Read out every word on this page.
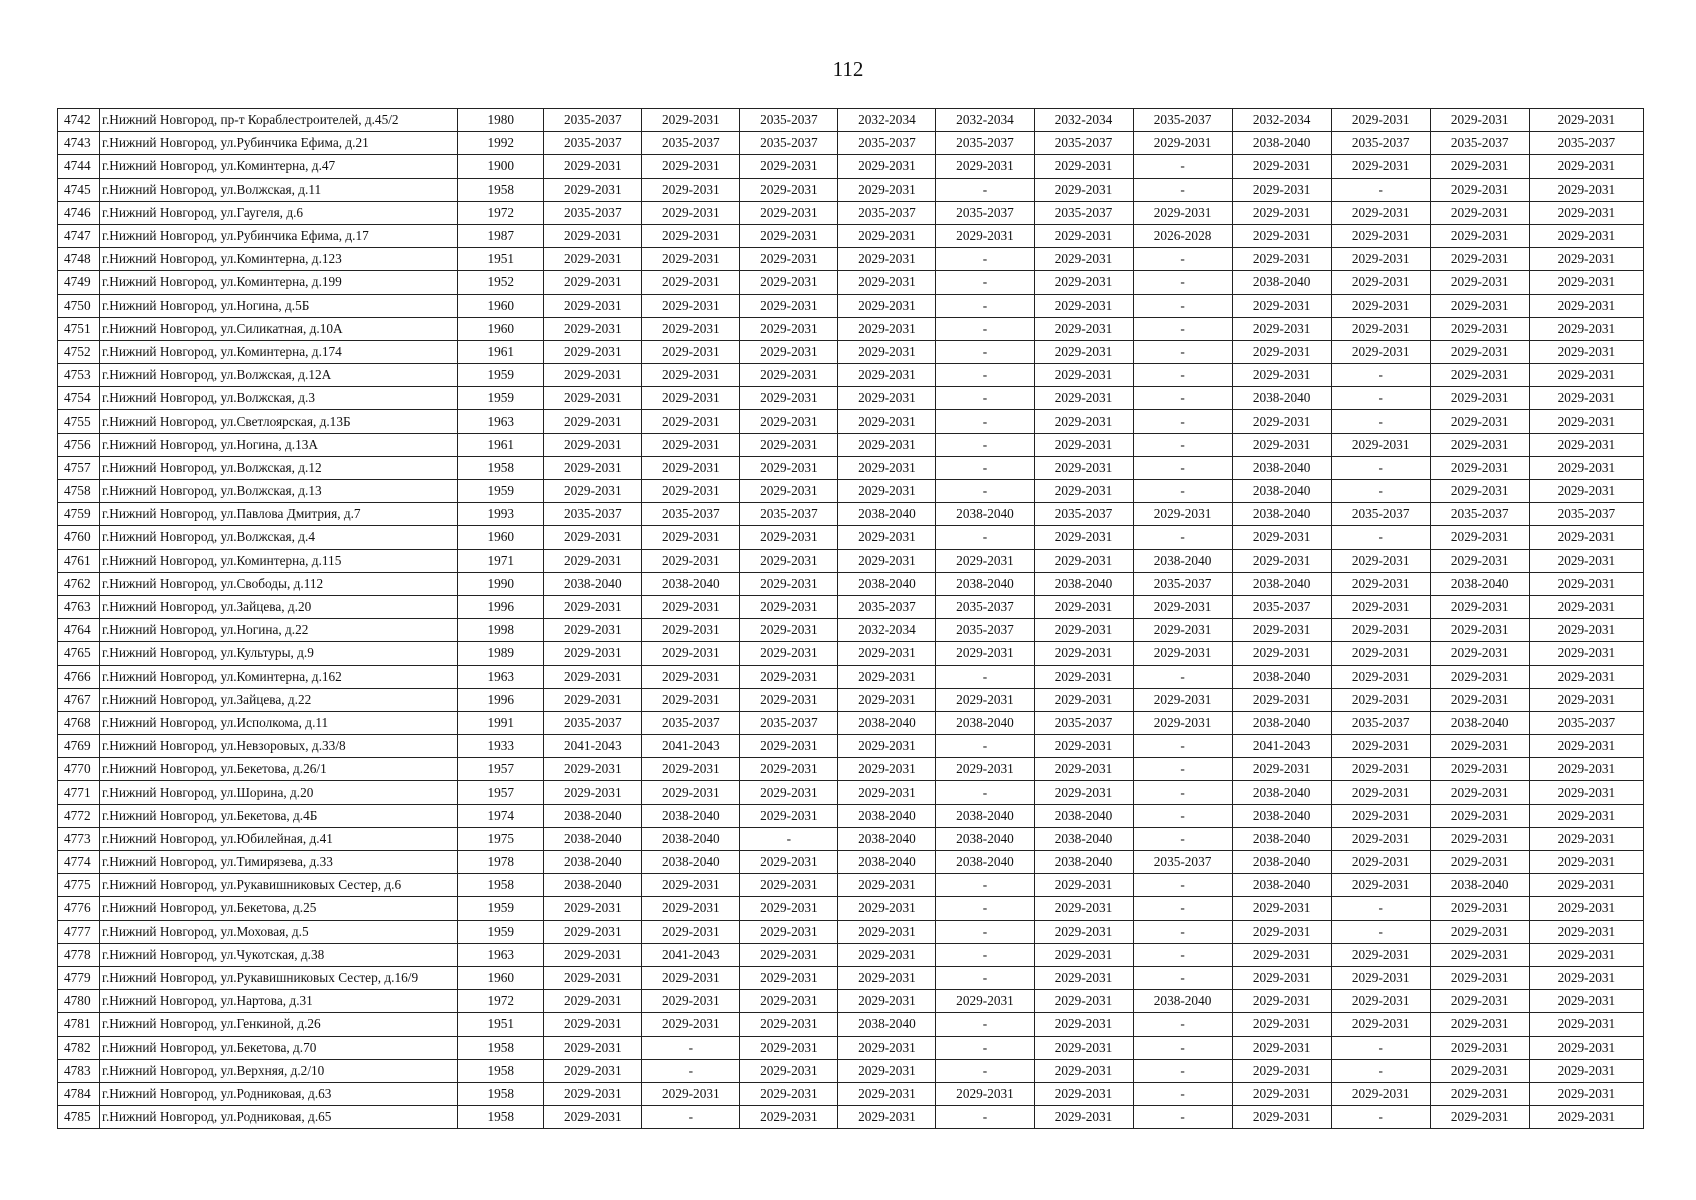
112
4742	г.Нижний Новгород, пр-т Кораблестроителей, д.45/2	1980	2035-2037	2029-2031	2035-2037	2032-2034	2032-2034	2032-2034	2035-2037	2032-2034	2029-2031	2029-2031	2029-2031
4743	г.Нижний Новгород, ул.Рубинчика Ефима, д.21	1992	2035-2037	2035-2037	2035-2037	2035-2037	2035-2037	2035-2037	2029-2031	2038-2040	2035-2037	2035-2037	2035-2037
4744	г.Нижний Новгород, ул.Коминтерна, д.47	1900	2029-2031	2029-2031	2029-2031	2029-2031	2029-2031	2029-2031	-	2029-2031	2029-2031	2029-2031	2029-2031
4745	г.Нижний Новгород, ул.Волжская, д.11	1958	2029-2031	2029-2031	2029-2031	2029-2031	-	2029-2031	-	2029-2031	-	2029-2031	2029-2031
4746	г.Нижний Новгород, ул.Гаугеля, д.6	1972	2035-2037	2029-2031	2029-2031	2035-2037	2035-2037	2035-2037	2029-2031	2029-2031	2029-2031	2029-2031	2029-2031
4747	г.Нижний Новгород, ул.Рубинчика Ефима, д.17	1987	2029-2031	2029-2031	2029-2031	2029-2031	2029-2031	2029-2031	2026-2028	2029-2031	2029-2031	2029-2031	2029-2031
4748	г.Нижний Новгород, ул.Коминтерна, д.123	1951	2029-2031	2029-2031	2029-2031	2029-2031	-	2029-2031	-	2029-2031	2029-2031	2029-2031	2029-2031
4749	г.Нижний Новгород, ул.Коминтерна, д.199	1952	2029-2031	2029-2031	2029-2031	2029-2031	-	2029-2031	-	2038-2040	2029-2031	2029-2031	2029-2031
4750	г.Нижний Новгород, ул.Ногина, д.5Б	1960	2029-2031	2029-2031	2029-2031	2029-2031	-	2029-2031	-	2029-2031	2029-2031	2029-2031	2029-2031
4751	г.Нижний Новгород, ул.Силикатная, д.10А	1960	2029-2031	2029-2031	2029-2031	2029-2031	-	2029-2031	-	2029-2031	2029-2031	2029-2031	2029-2031
4752	г.Нижний Новгород, ул.Коминтерна, д.174	1961	2029-2031	2029-2031	2029-2031	2029-2031	-	2029-2031	-	2029-2031	2029-2031	2029-2031	2029-2031
4753	г.Нижний Новгород, ул.Волжская, д.12А	1959	2029-2031	2029-2031	2029-2031	2029-2031	-	2029-2031	-	2029-2031	-	2029-2031	2029-2031
4754	г.Нижний Новгород, ул.Волжская, д.3	1959	2029-2031	2029-2031	2029-2031	2029-2031	-	2029-2031	-	2038-2040	-	2029-2031	2029-2031
4755	г.Нижний Новгород, ул.Светлоярская, д.13Б	1963	2029-2031	2029-2031	2029-2031	2029-2031	-	2029-2031	-	2029-2031	-	2029-2031	2029-2031
4756	г.Нижний Новгород, ул.Ногина, д.13А	1961	2029-2031	2029-2031	2029-2031	2029-2031	-	2029-2031	-	2029-2031	2029-2031	2029-2031	2029-2031
4757	г.Нижний Новгород, ул.Волжская, д.12	1958	2029-2031	2029-2031	2029-2031	2029-2031	-	2029-2031	-	2038-2040	-	2029-2031	2029-2031
4758	г.Нижний Новгород, ул.Волжская, д.13	1959	2029-2031	2029-2031	2029-2031	2029-2031	-	2029-2031	-	2038-2040	-	2029-2031	2029-2031
4759	г.Нижний Новгород, ул.Павлова Дмитрия, д.7	1993	2035-2037	2035-2037	2035-2037	2038-2040	2038-2040	2035-2037	2029-2031	2038-2040	2035-2037	2035-2037	2035-2037
4760	г.Нижний Новгород, ул.Волжская, д.4	1960	2029-2031	2029-2031	2029-2031	2029-2031	-	2029-2031	-	2029-2031	-	2029-2031	2029-2031
4761	г.Нижний Новгород, ул.Коминтерна, д.115	1971	2029-2031	2029-2031	2029-2031	2029-2031	2029-2031	2029-2031	2038-2040	2029-2031	2029-2031	2029-2031	2029-2031
4762	г.Нижний Новгород, ул.Свободы, д.112	1990	2038-2040	2038-2040	2029-2031	2038-2040	2038-2040	2038-2040	2035-2037	2038-2040	2029-2031	2038-2040	2029-2031
4763	г.Нижний Новгород, ул.Зайцева, д.20	1996	2029-2031	2029-2031	2029-2031	2035-2037	2035-2037	2029-2031	2029-2031	2035-2037	2029-2031	2029-2031	2029-2031
4764	г.Нижний Новгород, ул.Ногина, д.22	1998	2029-2031	2029-2031	2029-2031	2032-2034	2035-2037	2029-2031	2029-2031	2029-2031	2029-2031	2029-2031	2029-2031
4765	г.Нижний Новгород, ул.Культуры, д.9	1989	2029-2031	2029-2031	2029-2031	2029-2031	2029-2031	2029-2031	2029-2031	2029-2031	2029-2031	2029-2031	2029-2031
4766	г.Нижний Новгород, ул.Коминтерна, д.162	1963	2029-2031	2029-2031	2029-2031	2029-2031	-	2029-2031	-	2038-2040	2029-2031	2029-2031	2029-2031
4767	г.Нижний Новгород, ул.Зайцева, д.22	1996	2029-2031	2029-2031	2029-2031	2029-2031	2029-2031	2029-2031	2029-2031	2029-2031	2029-2031	2029-2031	2029-2031
4768	г.Нижний Новгород, ул.Исполкома, д.11	1991	2035-2037	2035-2037	2035-2037	2038-2040	2038-2040	2035-2037	2029-2031	2038-2040	2035-2037	2038-2040	2035-2037
4769	г.Нижний Новгород, ул.Невзоровых, д.33/8	1933	2041-2043	2041-2043	2029-2031	2029-2031	-	2029-2031	-	2041-2043	2029-2031	2029-2031	2029-2031
4770	г.Нижний Новгород, ул.Бекетова, д.26/1	1957	2029-2031	2029-2031	2029-2031	2029-2031	2029-2031	2029-2031	-	2029-2031	2029-2031	2029-2031	2029-2031
4771	г.Нижний Новгород, ул.Шорина, д.20	1957	2029-2031	2029-2031	2029-2031	2029-2031	-	2029-2031	-	2038-2040	2029-2031	2029-2031	2029-2031
4772	г.Нижний Новгород, ул.Бекетова, д.4Б	1974	2038-2040	2038-2040	2029-2031	2038-2040	2038-2040	2038-2040	-	2038-2040	2029-2031	2029-2031	2029-2031
4773	г.Нижний Новгород, ул.Юбилейная, д.41	1975	2038-2040	2038-2040	-	2038-2040	2038-2040	2038-2040	-	2038-2040	2029-2031	2029-2031	2029-2031
4774	г.Нижний Новгород, ул.Тимирязева, д.33	1978	2038-2040	2038-2040	2029-2031	2038-2040	2038-2040	2038-2040	2035-2037	2038-2040	2029-2031	2029-2031	2029-2031
4775	г.Нижний Новгород, ул.Рукавишниковых Сестер, д.6	1958	2038-2040	2029-2031	2029-2031	2029-2031	-	2029-2031	-	2038-2040	2029-2031	2038-2040	2029-2031
4776	г.Нижний Новгород, ул.Бекетова, д.25	1959	2029-2031	2029-2031	2029-2031	2029-2031	-	2029-2031	-	2029-2031	-	2029-2031	2029-2031
4777	г.Нижний Новгород, ул.Моховая, д.5	1959	2029-2031	2029-2031	2029-2031	2029-2031	-	2029-2031	-	2029-2031	-	2029-2031	2029-2031
4778	г.Нижний Новгород, ул.Чукотская, д.38	1963	2029-2031	2041-2043	2029-2031	2029-2031	-	2029-2031	-	2029-2031	2029-2031	2029-2031	2029-2031
4779	г.Нижний Новгород, ул.Рукавишниковых Сестер, д.16/9	1960	2029-2031	2029-2031	2029-2031	2029-2031	-	2029-2031	-	2029-2031	2029-2031	2029-2031	2029-2031
4780	г.Нижний Новгород, ул.Нартова, д.31	1972	2029-2031	2029-2031	2029-2031	2029-2031	2029-2031	2029-2031	2038-2040	2029-2031	2029-2031	2029-2031	2029-2031
4781	г.Нижний Новгород, ул.Генкиной, д.26	1951	2029-2031	2029-2031	2029-2031	2038-2040	-	2029-2031	-	2029-2031	2029-2031	2029-2031	2029-2031
4782	г.Нижний Новгород, ул.Бекетова, д.70	1958	2029-2031	-	2029-2031	2029-2031	-	2029-2031	-	2029-2031	-	2029-2031	2029-2031
4783	г.Нижний Новгород, ул.Верхняя, д.2/10	1958	2029-2031	-	2029-2031	2029-2031	-	2029-2031	-	2029-2031	-	2029-2031	2029-2031
4784	г.Нижний Новгород, ул.Родниковая, д.63	1958	2029-2031	2029-2031	2029-2031	2029-2031	2029-2031	2029-2031	-	2029-2031	2029-2031	2029-2031	2029-2031
4785	г.Нижний Новгород, ул.Родниковая, д.65	1958	2029-2031	-	2029-2031	2029-2031	-	2029-2031	-	2029-2031	-	2029-2031	2029-2031
